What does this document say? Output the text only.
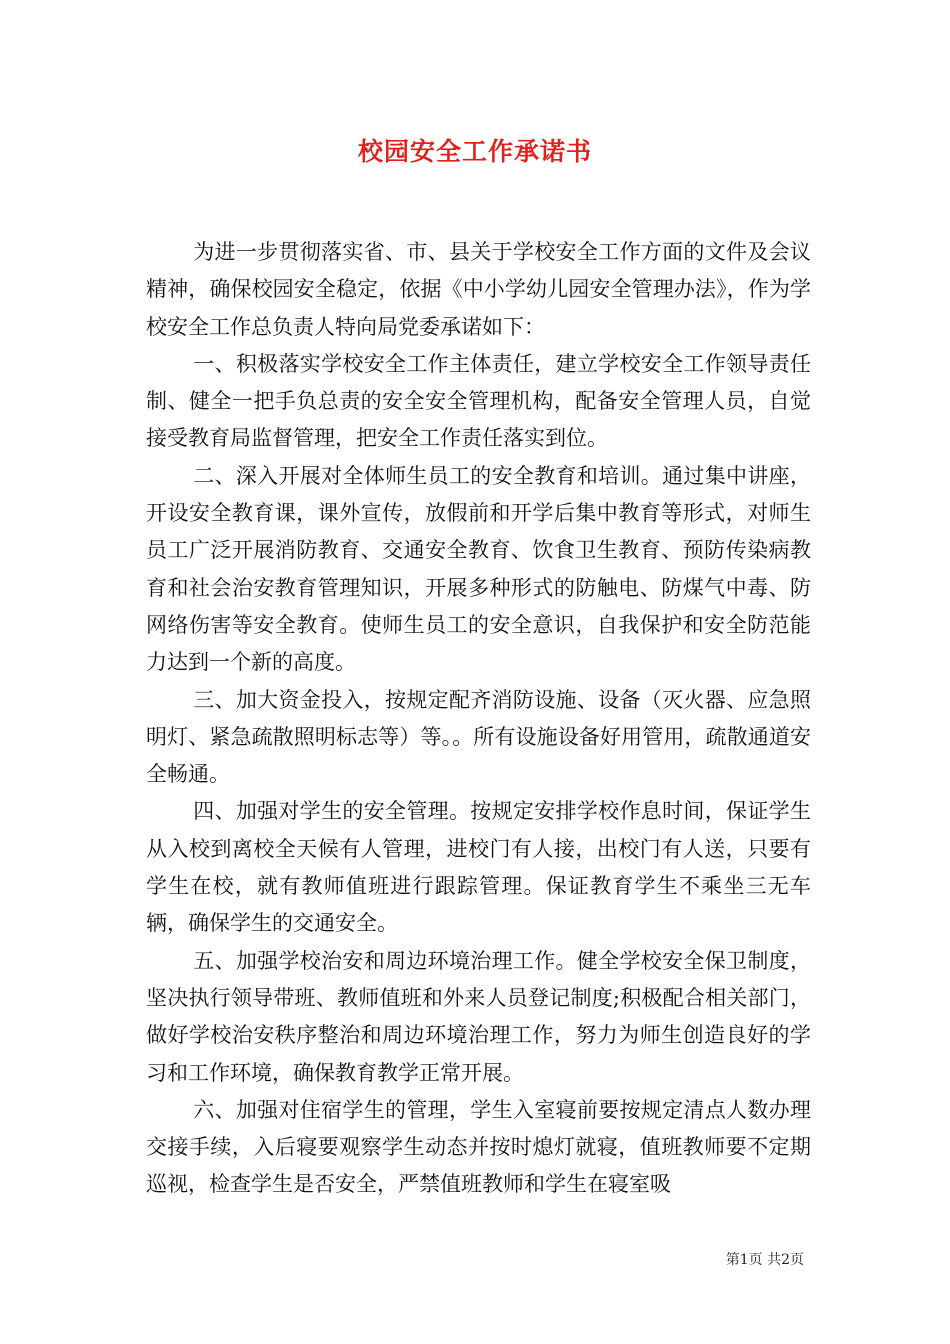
校园安全工作承诺书

为进一步贯彻落实省、市、县关于学校安全工作方面的文件及会议精神，确保校园安全稳定，依据《中小学幼儿园安全管理办法》，作为学校安全工作总负责人特向局党委承诺如下：

一、积极落实学校安全工作主体责任，建立学校安全工作领导责任制、健全一把手负总责的安全安全管理机构，配备安全管理人员，自觉接受教育局监督管理，把安全工作责任落实到位。

二、深入开展对全体师生员工的安全教育和培训。通过集中讲座，开设安全教育课，课外宣传，放假前和开学后集中教育等形式，对师生员工广泛开展消防教育、交通安全教育、饮食卫生教育、预防传染病教育和社会治安教育管理知识，开展多种形式的防触电、防煤气中毒、防网络伤害等安全教育。使师生员工的安全意识，自我保护和安全防范能力达到一个新的高度。

三、加大资金投入，按规定配齐消防设施、设备（灭火器、应急照明灯、紧急疏散照明标志等）等。。所有设施设备好用管用，疏散通道安全畅通。

四、加强对学生的安全管理。按规定安排学校作息时间，保证学生从入校到离校全天候有人管理，进校门有人接，出校门有人送，只要有学生在校，就有教师值班进行跟踪管理。保证教育学生不乘坐三无车辆，确保学生的交通安全。

五、加强学校治安和周边环境治理工作。健全学校安全保卫制度，坚决执行领导带班、教师值班和外来人员登记制度;积极配合相关部门，做好学校治安秩序整治和周边环境治理工作，努力为师生创造良好的学习和工作环境，确保教育教学正常开展。

六、加强对住宿学生的管理，学生入室寝前要按规定清点人数办理交接手续，入后寝要观察学生动态并按时熄灯就寝，值班教师要不定期巡视，检查学生是否安全，严禁值班教师和学生在寝室吸

第1页 共2页
